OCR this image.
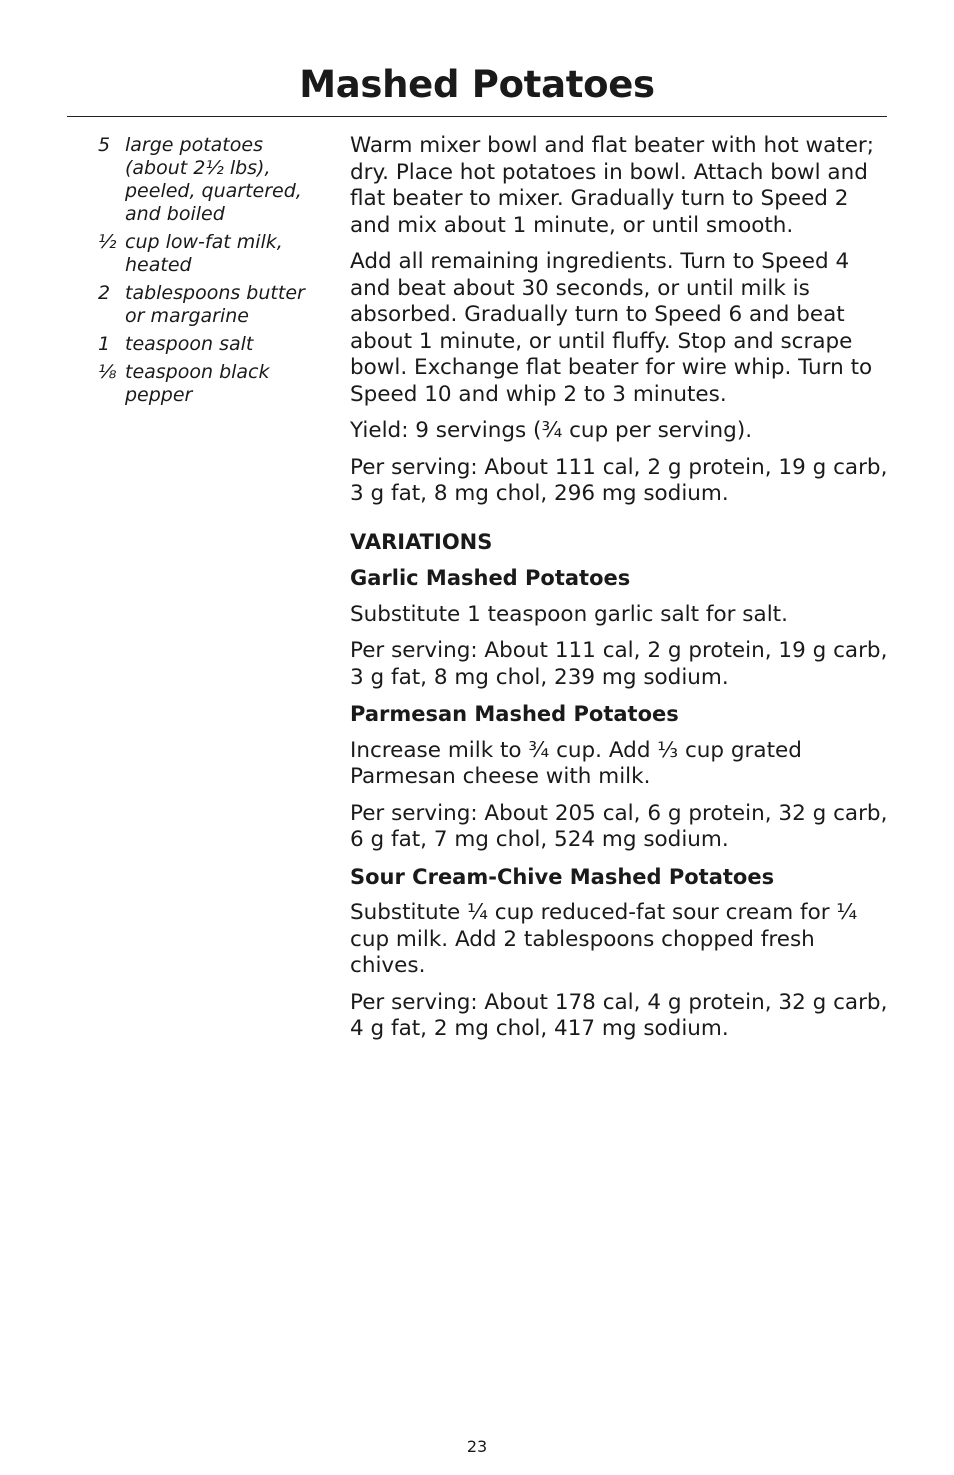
Mashed Potatoes
5 large potatoes (about 2½ lbs), peeled, quartered, and boiled
½ cup low-fat milk, heated
2 tablespoons butter or margarine
1 teaspoon salt
⅛ teaspoon black pepper

Warm mixer bowl and flat beater with hot water; dry. Place hot potatoes in bowl. Attach bowl and flat beater to mixer. Gradually turn to Speed 2 and mix about 1 minute, or until smooth.

Add all remaining ingredients. Turn to Speed 4 and beat about 30 seconds, or until milk is absorbed. Gradually turn to Speed 6 and beat about 1 minute, or until fluffy. Stop and scrape bowl. Exchange flat beater for wire whip. Turn to Speed 10 and whip 2 to 3 minutes.

Yield: 9 servings (¾ cup per serving).

Per serving: About 111 cal, 2 g protein, 19 g carb, 3 g fat, 8 mg chol, 296 mg sodium.

VARIATIONS
Garlic Mashed Potatoes

Substitute 1 teaspoon garlic salt for salt.

Per serving: About 111 cal, 2 g protein, 19 g carb, 3 g fat, 8 mg chol, 239 mg sodium.

Parmesan Mashed Potatoes

Increase milk to ¾ cup. Add ⅓ cup grated Parmesan cheese with milk.

Per serving: About 205 cal, 6 g protein, 32 g carb, 6 g fat, 7 mg chol, 524 mg sodium.

Sour Cream-Chive Mashed Potatoes

Substitute ¼ cup reduced-fat sour cream for ¼ cup milk. Add 2 tablespoons chopped fresh chives.

Per serving: About 178 cal, 4 g protein, 32 g carb, 4 g fat, 2 mg chol, 417 mg sodium.

23
